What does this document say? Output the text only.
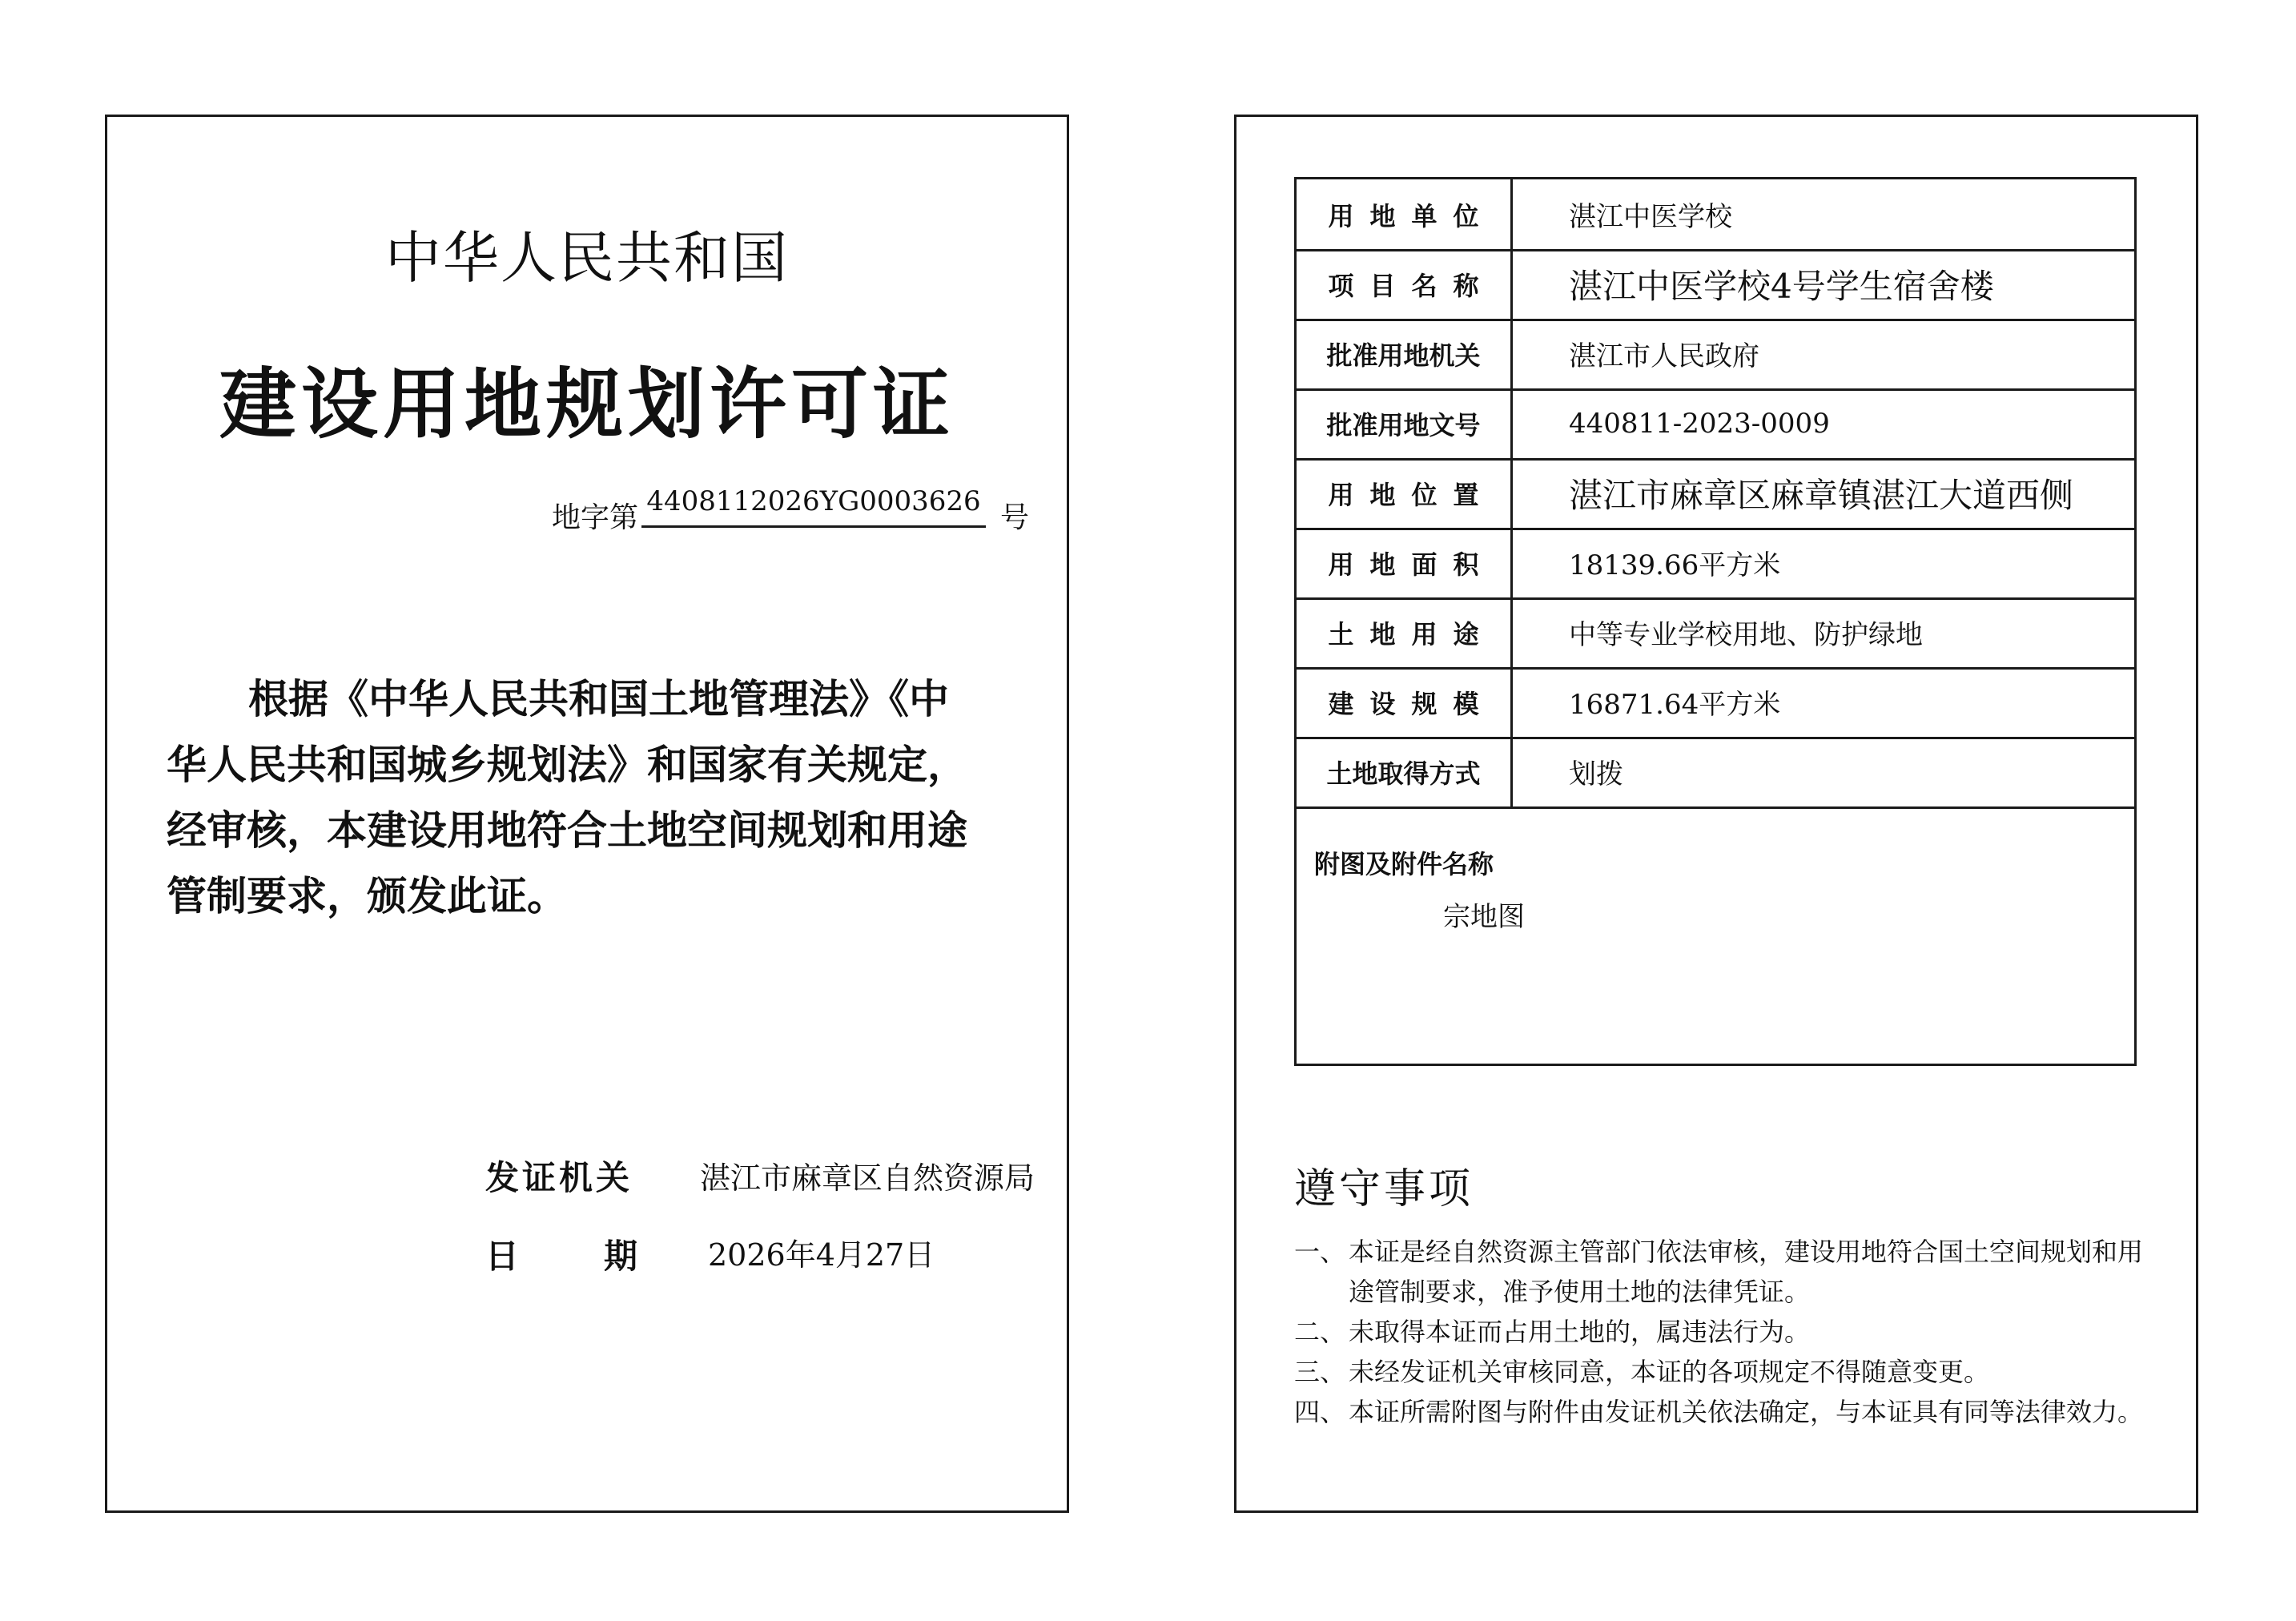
中华人民共和国
建设用地规划许可证
地字第 4408112026YG0003626 号

根据《中华人民共和国土地管理法》《中

华人民共和国城乡规划法》和国家有关规定，

经审核，本建设用地符合土地空间规划和用途

管制要求，颁发此证。

发证机关 湛江市麻章区自然资源局
日	期 2026年4月27日
用地单位	湛江中医学校
项目名称	湛江中医学校4号学生宿舍楼
批准用地机关	湛江市人民政府
批准用地文号	440811-2023-0009
用地位置	湛江市麻章区麻章镇湛江大道西侧
用地面积	18139.66平方米
土地用途	中等专业学校用地、防护绿地
建设规模	16871.64平方米
土地取得方式	划拨
附图及附件名称
宗地图
遵守事项
一、 本证是经自然资源主管部门依法审核，建设用地符合国土空间规划和用途管制要求，准予使用土地的法律凭证。
二、 未取得本证而占用土地的，属违法行为。
三、 未经发证机关审核同意，本证的各项规定不得随意变更。
四、 本证所需附图与附件由发证机关依法确定，与本证具有同等法律效力。
